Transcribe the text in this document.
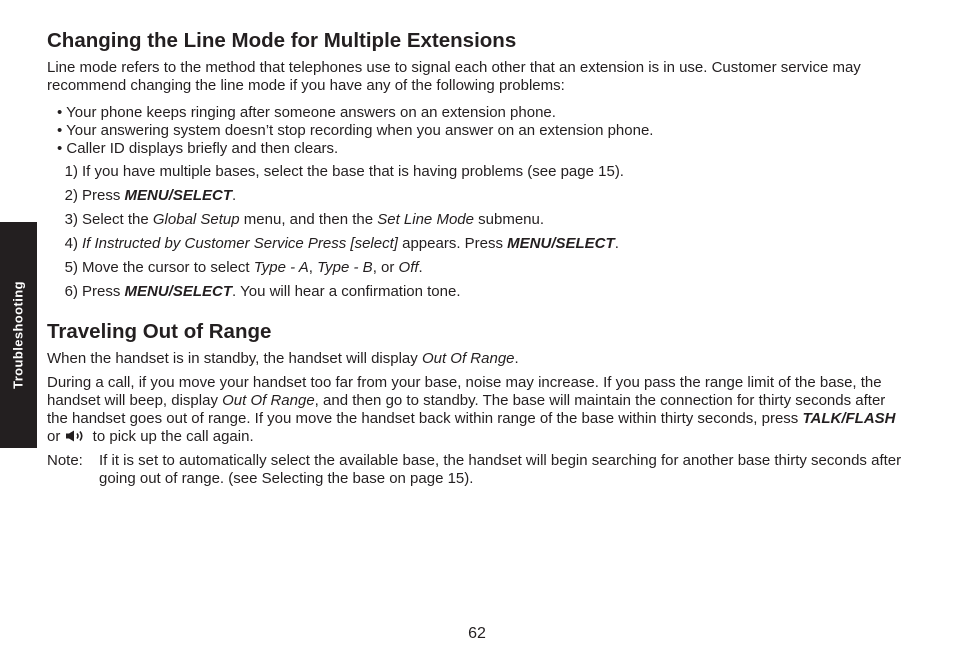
Troubleshooting
Changing the Line Mode for Multiple Extensions

Line mode refers to the method that telephones use to signal each other that an extension is in use. Customer service may recommend changing the line mode if you have any of the following problems:

• Your phone keeps ringing after someone answers on an extension phone.
• Your answering system doesn’t stop recording when you answer on an extension phone.
• Caller ID displays briefly and then clears.
1) If you have multiple bases, select the base that is having problems (see page 15).
2) Press MENU/SELECT.
3) Select the Global Setup menu, and then the Set Line Mode submenu.
4) If Instructed by Customer Service Press [select] appears. Press MENU/SELECT.
5) Move the cursor to select Type - A, Type - B, or Off.
6) Press MENU/SELECT. You will hear a confirmation tone.
Traveling Out of Range

When the handset is in standby, the handset will display Out Of Range.

During a call, if you move your handset too far from your base, noise may increase. If you pass the range limit of the base, the handset will beep, display Out Of Range, and then go to standby. The base will maintain the connection for thirty seconds after the handset goes out of range. If you move the handset back within range of the base within thirty seconds, press TALK/FLASH or  to pick up the call again.

Note:	If it is set to automatically select the available base, the handset will begin searching for another base thirty seconds after going out of range. (see Selecting the base on page 15).
62
